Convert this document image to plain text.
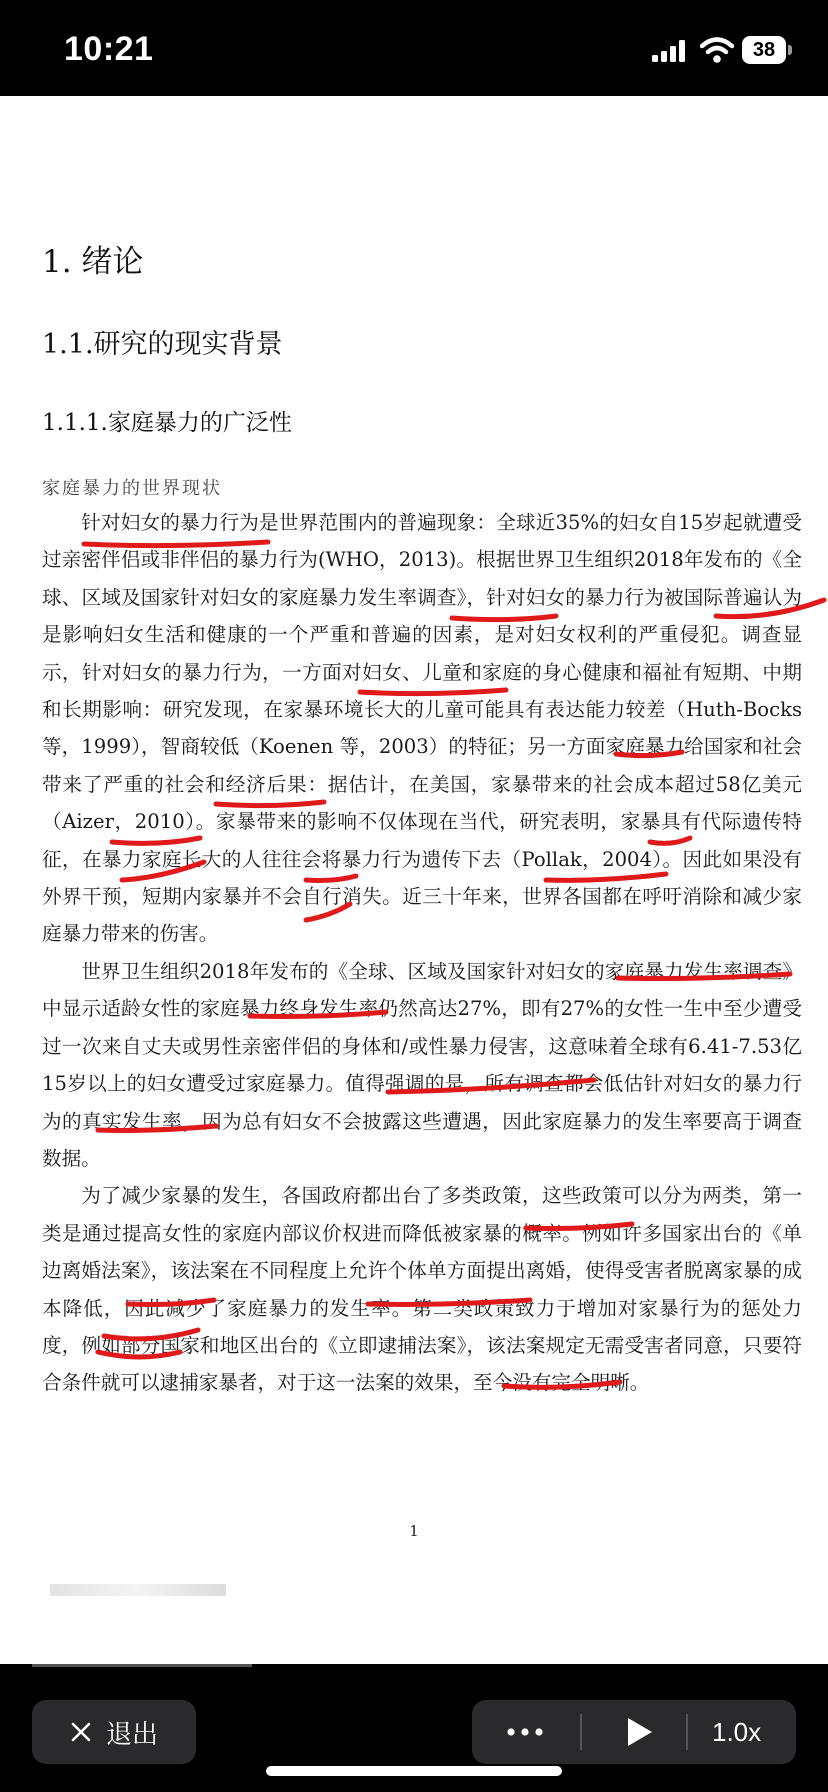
10:21	38
1. 绪论
1.1.研究的现实背景
1.1.1.家庭暴力的广泛性
家庭暴力的世界现状

针对妇女的暴力行为是世界范围内的普遍现象：全球近35%的妇女自15岁起就遭受过亲密伴侣或非伴侣的暴力行为(WHO，2013)。根据世界卫生组织2018年发布的《全球、区域及国家针对妇女的家庭暴力发生率调查》，针对妇女的暴力行为被国际普遍认为是影响妇女生活和健康的一个严重和普遍的因素，是对妇女权利的严重侵犯。调查显示，针对妇女的暴力行为，一方面对妇女、儿童和家庭的身心健康和福祉有短期、中期和长期影响：研究发现，在家暴环境长大的儿童可能具有表达能力较差（Huth-Bocks 等，1999），智商较低（Koenen 等，2003）的特征；另一方面家庭暴力给国家和社会带来了严重的社会和经济后果：据估计，在美国，家暴带来的社会成本超过58亿美元（Aizer，2010）。家暴带来的影响不仅体现在当代，研究表明，家暴具有代际遗传特征，在暴力家庭长大的人往往会将暴力行为遗传下去（Pollak，2004）。因此如果没有外界干预，短期内家暴并不会自行消失。近三十年来，世界各国都在呼吁消除和减少家庭暴力带来的伤害。

世界卫生组织2018年发布的《全球、区域及国家针对妇女的家庭暴力发生率调查》中显示适龄女性的家庭暴力终身发生率仍然高达27%，即有27%的女性一生中至少遭受过一次来自丈夫或男性亲密伴侣的身体和/或性暴力侵害，这意味着全球有6.41-7.53亿15岁以上的妇女遭受过家庭暴力。值得强调的是，所有调查都会低估针对妇女的暴力行为的真实发生率，因为总有妇女不会披露这些遭遇，因此家庭暴力的发生率要高于调查数据。

为了减少家暴的发生，各国政府都出台了多类政策，这些政策可以分为两类，第一类是通过提高女性的家庭内部议价权进而降低被家暴的概率。例如许多国家出台的《单边离婚法案》，该法案在不同程度上允许个体单方面提出离婚，使得受害者脱离家暴的成本降低，因此减少了家庭暴力的发生率。第二类政策致力于增加对家暴行为的惩处力度，例如部分国家和地区出台的《立即逮捕法案》，该法案规定无需受害者同意，只要符合条件就可以逮捕家暴者，对于这一法案的效果，至今没有完全明晰。

1
退出	1.0x
